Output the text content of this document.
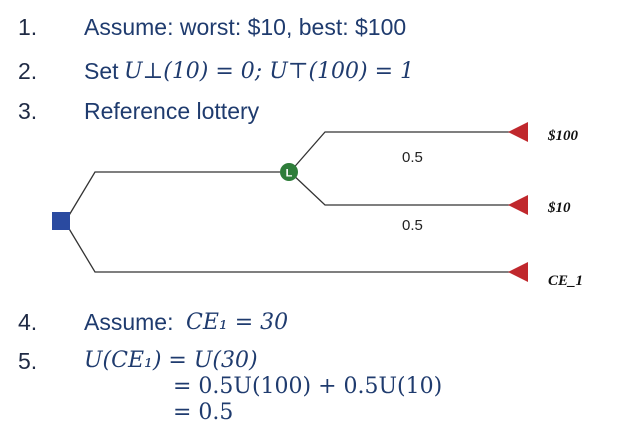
1. Assume: worst: $10, best: $100
2. Set U⊥(10) = 0; U⊤(100) = 1
3. Reference lottery
L
0.5
0.5
$100
$10
CE_1
4. Assume: CE₁ = 30
5. U(CE₁) = U(30)
= 0.5U(100) + 0.5U(10)
= 0.5
